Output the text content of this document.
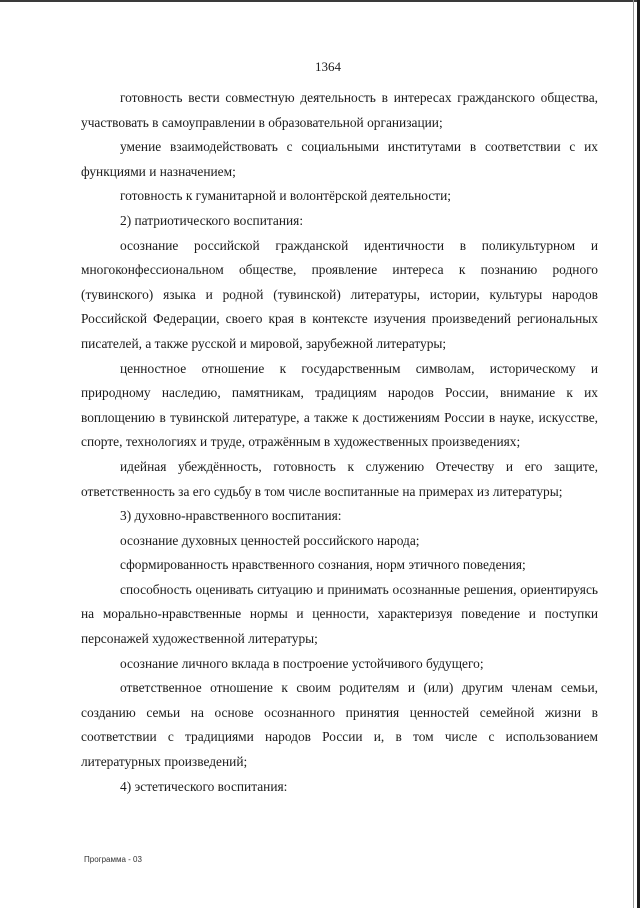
1364

готовность вести совместную деятельность в интересах гражданского общества, участвовать в самоуправлении в образовательной организации;

умение взаимодействовать с социальными институтами в соответствии с их функциями и назначением;

готовность к гуманитарной и волонтёрской деятельности;

2) патриотического воспитания:

осознание российской гражданской идентичности в поликультурном и многоконфессиональном обществе, проявление интереса к познанию родного (тувинского) языка и родной (тувинской) литературы, истории, культуры народов Российской Федерации, своего края в контексте изучения произведений региональных писателей, а также русской и мировой, зарубежной литературы;

ценностное отношение к государственным символам, историческому и природному наследию, памятникам, традициям народов России, внимание к их воплощению в тувинской литературе, а также к достижениям России в науке, искусстве, спорте, технологиях и труде, отражённым в художественных произведениях;

идейная убеждённость, готовность к служению Отечеству и его защите, ответственность за его судьбу в том числе воспитанные на примерах из литературы;

3) духовно-нравственного воспитания:

осознание духовных ценностей российского народа;

сформированность нравственного сознания, норм этичного поведения;

способность оценивать ситуацию и принимать осознанные решения, ориентируясь на морально-нравственные нормы и ценности, характеризуя поведение и поступки персонажей художественной литературы;

осознание личного вклада в построение устойчивого будущего;

ответственное отношение к своим родителям и (или) другим членам семьи, созданию семьи на основе осознанного принятия ценностей семейной жизни в соответствии с традициями народов России и, в том числе с использованием литературных произведений;

4) эстетического воспитания:

Программа - 03
